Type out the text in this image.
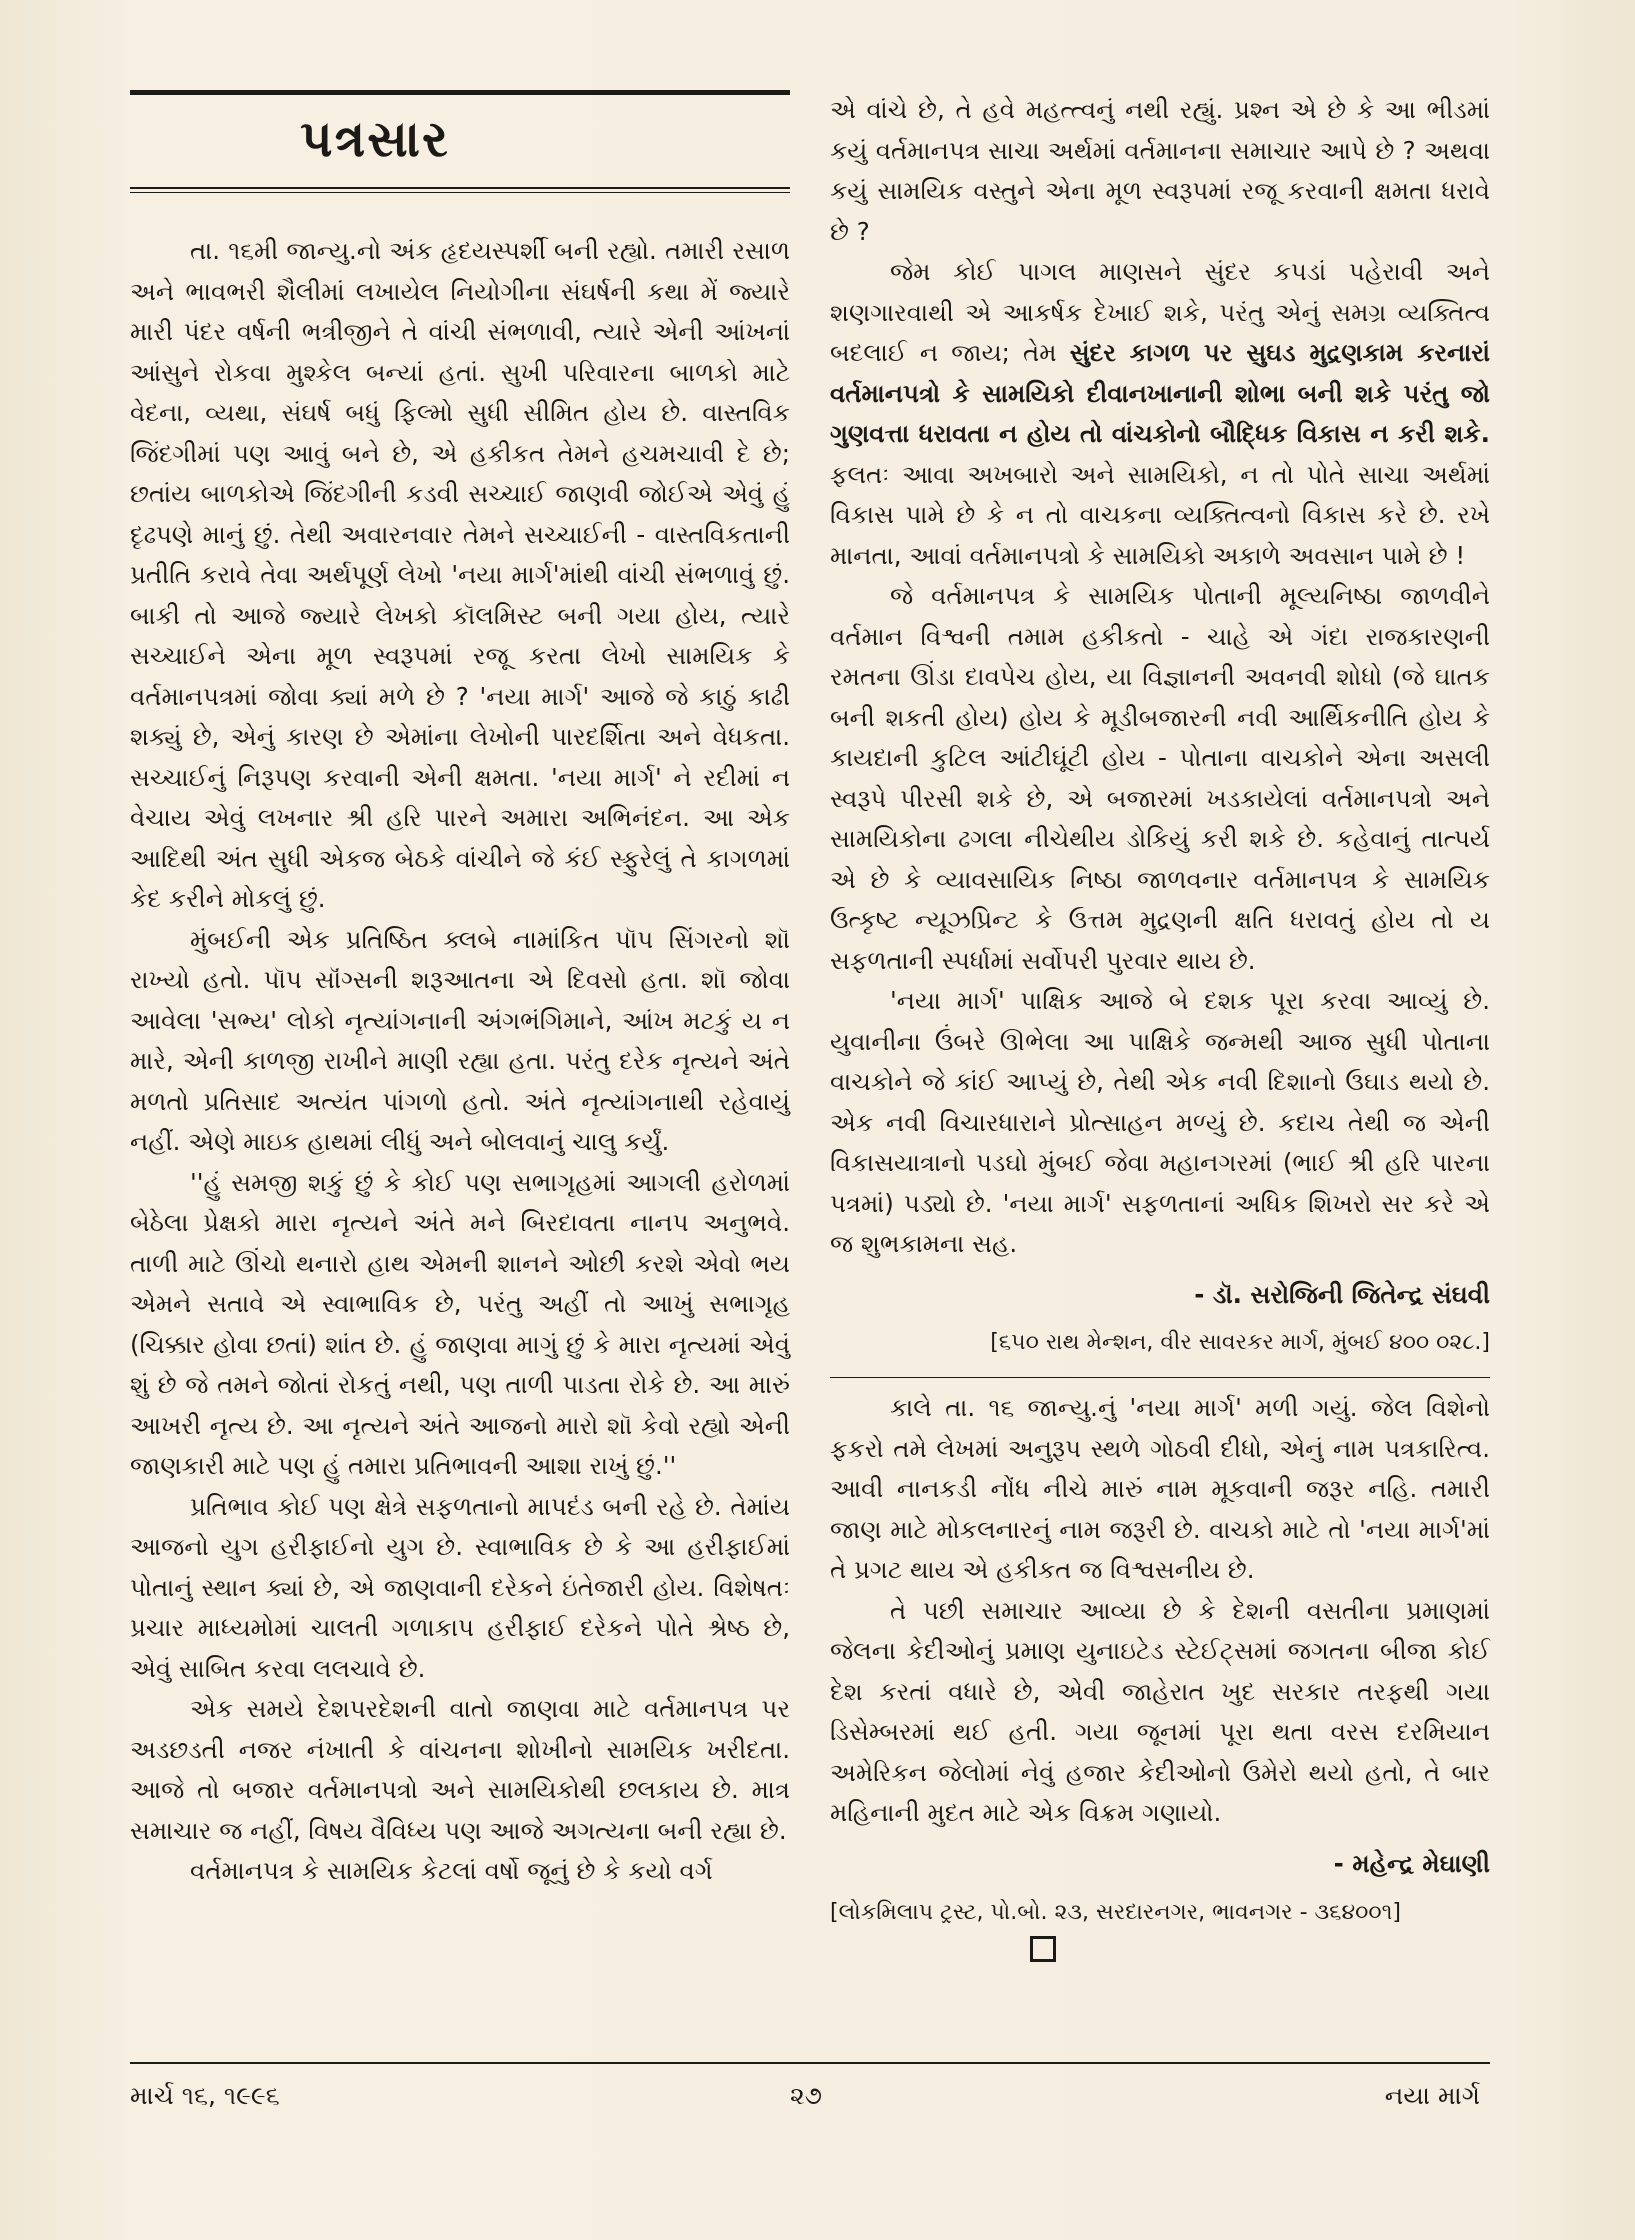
પત્રસાર

તા. ૧૬મી જાન્યુ.નો અંક હૃદયસ્પર્શી બની રહ્યો. તમારી રસાળ અને ભાવભરી શૈલીમાં લખાયેલ નિયોગીના સંઘર્ષની કથા મેં જ્યારે મારી પંદર વર્ષની ભત્રીજીને તે વાંચી સંભળાવી, ત્યારે એની આંખનાં આંસુને રોકવા મુશ્કેલ બન્યાં હતાં. સુખી પરિવારના બાળકો માટે વેદના, વ્યથા, સંઘર્ષ બધું ફિલ્મો સુધી સીમિત હોય છે. વાસ્તવિક જિંદગીમાં પણ આવું બને છે, એ હકીકત તેમને હચમચાવી દે છે; છતાંય બાળકોએ જિંદગીની કડવી સચ્ચાઈ જાણવી જોઈએ એવું હું દૃઢપણે માનું છું. તેથી અવારનવાર તેમને સચ્ચાઈની - વાસ્તવિકતાની પ્રતીતિ કરાવે તેવા અર્થપૂર્ણ લેખો 'નયા માર્ગ'માંથી વાંચી સંભળાવું છું. બાકી તો આજે જ્યારે લેખકો કૉલમિસ્ટ બની ગયા હોય, ત્યારે સચ્ચાઈને એના મૂળ સ્વરૂપમાં રજૂ કરતા લેખો સામયિક કે વર્તમાનપત્રમાં જોવા ક્યાં મળે છે ? 'નયા માર્ગ' આજે જે કાઠું કાઢી શક્યું છે, એનું કારણ છે એમાંના લેખોની પારદર્શિતા અને વેધકતા. સચ્ચાઈનું નિરૂપણ કરવાની એની ક્ષમતા. 'નયા માર્ગ' ને રદીમાં ન વેચાય એવું લખનાર શ્રી હરિ પારને અમારા અભિનંદન. આ એક આદિથી અંત સુધી એકજ બેઠકે વાંચીને જે કંઈ સ્ફુરેલું તે કાગળમાં કેદ કરીને મોકલું છું.

મુંબઈની એક પ્રતિષ્ઠિત ક્લબે નામાંકિત પૉપ સિંગરનો શૉ રાખ્યો હતો. પૉપ સૉંગ્સની શરૂઆતના એ દિવસો હતા. શૉ જોવા આવેલા 'સભ્ય' લોકો નૃત્યાંગનાની અંગભંગિમાને, આંખ મટકું ય ન મારે, એની કાળજી રાખીને માણી રહ્યા હતા. પરંતુ દરેક નૃત્યને અંતે મળતો પ્રતિસાદ અત્યંત પાંગળો હતો. અંતે નૃત્યાંગનાથી રહેવાયું નહીં. એણે માઇક હાથમાં લીધું અને બોલવાનું ચાલુ કર્યું.

''હું સમજી શકું છું કે કોઈ પણ સભાગૃહમાં આગલી હરોળમાં બેઠેલા પ્રેક્ષકો મારા નૃત્યને અંતે મને બિરદાવતા નાનપ અનુભવે. તાળી માટે ઊંચો થનારો હાથ એમની શાનને ઓછી કરશે એવો ભય એમને સતાવે એ સ્વાભાવિક છે, પરંતુ અહીં તો આખું સભાગૃહ (ચિક્કાર હોવા છતાં) શાંત છે. હું જાણવા માગું છું કે મારા નૃત્યમાં એવું શું છે જે તમને જોતાં રોકતું નથી, પણ તાળી પાડતા રોકે છે. આ મારું આખરી નૃત્ય છે. આ નૃત્યને અંતે આજનો મારો શૉ કેવો રહ્યો એની જાણકારી માટે પણ હું તમારા પ્રતિભાવની આશા રાખું છું.''

પ્રતિભાવ કોઈ પણ ક્ષેત્રે સફળતાનો માપદંડ બની રહે છે. તેમાંય આજનો યુગ હરીફાઈનો યુગ છે. સ્વાભાવિક છે કે આ હરીફાઈમાં પોતાનું સ્થાન ક્યાં છે, એ જાણવાની દરેકને ઇંતેજારી હોય. વિશેષતઃ પ્રચાર માધ્યમોમાં ચાલતી ગળાકાપ હરીફાઈ દરેકને પોતે શ્રેષ્ઠ છે, એવું સાબિત કરવા લલચાવે છે.

એક સમયે દેશપરદેશની વાતો જાણવા માટે વર્તમાનપત્ર પર અડછડતી નજર નંખાતી કે વાંચનના શોખીનો સામયિક ખરીદતા. આજે તો બજાર વર્તમાનપત્રો અને સામયિકોથી છલકાય છે. માત્ર સમાચાર જ નહીં, વિષય વૈવિધ્ય પણ આજે અગત્યના બની રહ્યા છે.

વર્તમાનપત્ર કે સામયિક કેટલાં વર્ષો જૂનું છે કે કયો વર્ગ

એ વાંચે છે, તે હવે મહત્ત્વનું નથી રહ્યું. પ્રશ્ન એ છે કે આ ભીડમાં કયું વર્તમાનપત્ર સાચા અર્થમાં વર્તમાનના સમાચાર આપે છે ? અથવા કયું સામયિક વસ્તુને એના મૂળ સ્વરૂપમાં રજૂ કરવાની ક્ષમતા ધરાવે છે ?

જેમ કોઈ પાગલ માણસને સુંદર કપડાં પહેરાવી અને શણગારવાથી એ આકર્ષક દેખાઈ શકે, પરંતુ એનું સમગ્ર વ્યક્તિત્વ બદલાઈ ન જાય; તેમ સુંદર કાગળ પર સુઘડ મુદ્રણકામ કરનારાં વર્તમાનપત્રો કે સામયિકો દીવાનખાનાની શોભા બની શકે પરંતુ જો ગુણવત્તા ધરાવતા ન હોય તો વાંચકોનો બૌદ્ધિક વિકાસ ન કરી શકે. ફલતઃ આવા અખબારો અને સામયિકો, ન તો પોતે સાચા અર્થમાં વિકાસ પામે છે કે ન તો વાચકના વ્યક્તિત્વનો વિકાસ કરે છે. રખે માનતા, આવાં વર્તમાનપત્રો કે સામયિકો અકાળે અવસાન પામે છે !

જે વર્તમાનપત્ર કે સામયિક પોતાની મૂલ્યનિષ્ઠા જાળવીને વર્તમાન વિશ્વની તમામ હકીકતો - ચાહે એ ગંદા રાજકારણની રમતના ઊંડા દાવપેચ હોય, યા વિજ્ઞાનની અવનવી શોધો (જે ઘાતક બની શકતી હોય) હોય કે મૂડીબજારની નવી આર્થિકનીતિ હોય કે કાયદાની કુટિલ આંટીઘૂંટી હોય - પોતાના વાચકોને એના અસલી સ્વરૂપે પીરસી શકે છે, એ બજારમાં ખડકાયેલાં વર્તમાનપત્રો અને સામયિકોના ઢગલા નીચેથીય ડોકિયું કરી શકે છે. કહેવાનું તાત્પર્ય એ છે કે વ્યાવસાયિક નિષ્ઠા જાળવનાર વર્તમાનપત્ર કે સામયિક ઉત્કૃષ્ટ ન્યૂઝપ્રિન્ટ કે ઉત્તમ મુદ્રણની ક્ષતિ ધરાવતું હોય તો ય સફળતાની સ્પર્ધામાં સર્વોપરી પુરવાર થાય છે.

'નયા માર્ગ' પાક્ષિક આજે બે દશક પૂરા કરવા આવ્યું છે. યુવાનીના ઉંબરે ઊભેલા આ પાક્ષિકે જન્મથી આજ સુધી પોતાના વાચકોને જે કાંઈ આપ્યું છે, તેથી એક નવી દિશાનો ઉઘાડ થયો છે. એક નવી વિચારધારાને પ્રોત્સાહન મળ્યું છે. કદાચ તેથી જ એની વિકાસયાત્રાનો પડઘો મુંબઈ જેવા મહાનગરમાં (ભાઈ શ્રી હરિ પારના પત્રમાં) પડ્યો છે. 'નયા માર્ગ' સફળતાનાં અધિક શિખરો સર કરે એ જ શુભકામના સહ.

- ડૉ. સરોજિની જિતેન્દ્ર સંઘવી

[૬૫૦ રાથ મેન્શન, વીર સાવરકર માર્ગ, મુંબઈ ૪૦૦ ૦૨૮.]

કાલે તા. ૧૬ જાન્યુ.નું 'નયા માર્ગ' મળી ગયું. જેલ વિશેનો ફકરો તમે લેખમાં અનુરૂપ સ્થળે ગોઠવી દીધો, એનું નામ પત્રકારિત્વ. આવી નાનકડી નોંધ નીચે મારું નામ મૂકવાની જરૂર નહિ. તમારી જાણ માટે મોકલનારનું નામ જરૂરી છે. વાચકો માટે તો 'નયા માર્ગ'માં તે પ્રગટ થાય એ હકીકત જ વિશ્વસનીય છે.

તે પછી સમાચાર આવ્યા છે કે દેશની વસતીના પ્રમાણમાં જેલના કેદીઓનું પ્રમાણ યુનાઇટેડ સ્ટેઈટ્સમાં જગતના બીજા કોઈ દેશ કરતાં વધારે છે, એવી જાહેરાત ખુદ સરકાર તરફથી ગયા ડિસેમ્બરમાં થઈ હતી. ગયા જૂનમાં પૂરા થતા વરસ દરમિયાન અમેરિકન જેલોમાં નેવું હજાર કેદીઓનો ઉમેરો થયો હતો, તે બાર મહિનાની મુદત માટે એક વિક્રમ ગણાયો.

- મહેન્દ્ર મેઘાણી

[લોકમિલાપ ટ્રસ્ટ, પો.બો. ૨૩, સરદારનગર, ભાવનગર - ૩૬૪૦૦૧]

માર્ચ ૧૬, ૧૯૯૬	૨૭	નયા માર્ગ
